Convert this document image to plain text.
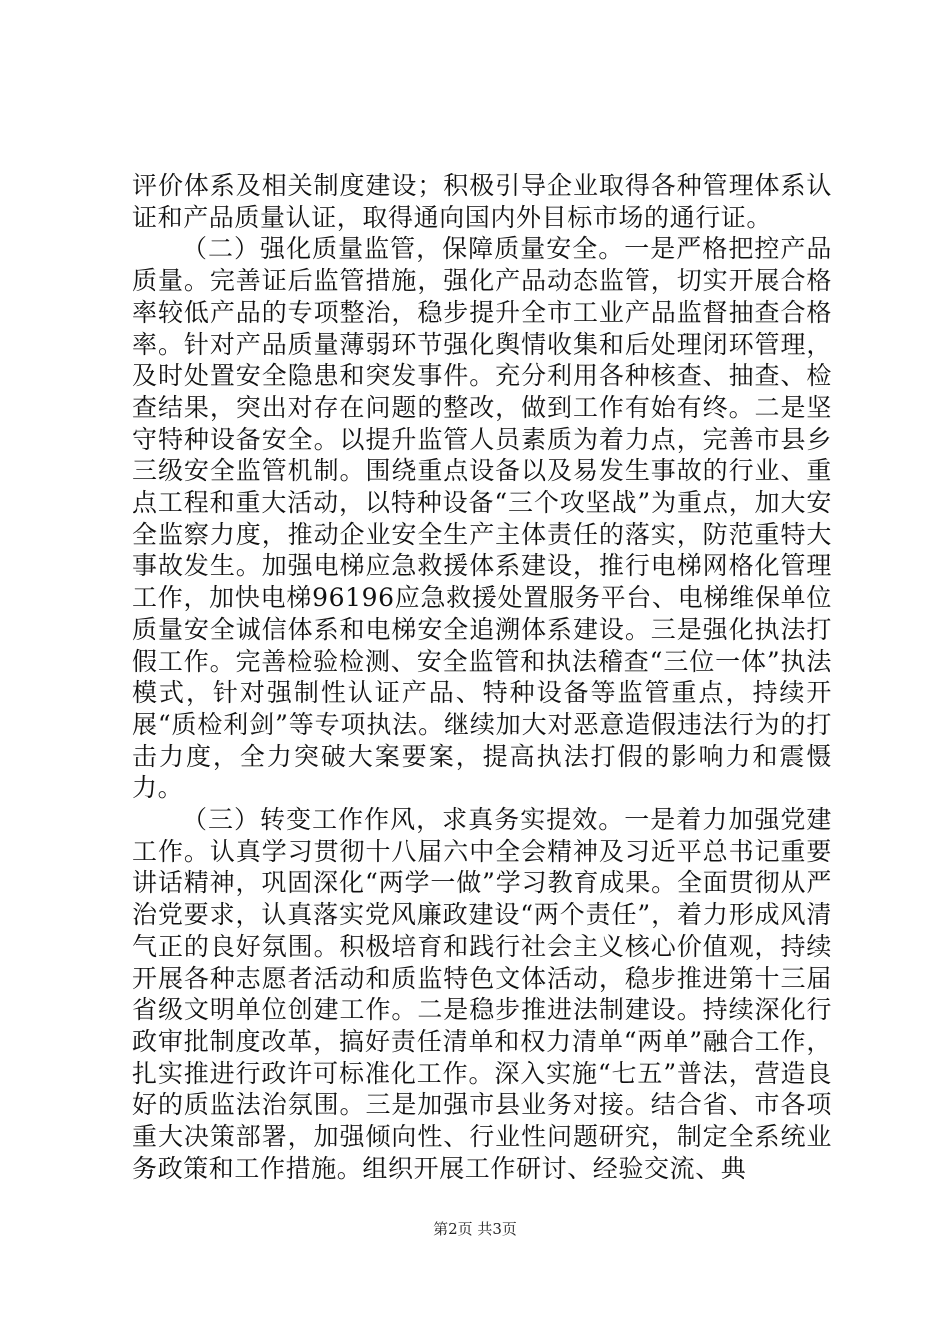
评价体系及相关制度建设；积极引导企业取得各种管理体系认证和产品质量认证，取得通向国内外目标市场的通行证。

（二）强化质量监管，保障质量安全。一是严格把控产品质量。完善证后监管措施，强化产品动态监管，切实开展合格率较低产品的专项整治，稳步提升全市工业产品监督抽查合格率。针对产品质量薄弱环节强化舆情收集和后处理闭环管理，及时处置安全隐患和突发事件。充分利用各种核查、抽查、检查结果，突出对存在问题的整改，做到工作有始有终。二是坚守特种设备安全。以提升监管人员素质为着力点，完善市县乡三级安全监管机制。围绕重点设备以及易发生事故的行业、重点工程和重大活动，以特种设备“三个攻坚战”为重点，加大安全监察力度，推动企业安全生产主体责任的落实，防范重特大事故发生。加强电梯应急救援体系建设，推行电梯网格化管理工作，加快电梯96196应急救援处置服务平台、电梯维保单位质量安全诚信体系和电梯安全追溯体系建设。三是强化执法打假工作。完善检验检测、安全监管和执法稽查“三位一体”执法模式，针对强制性认证产品、特种设备等监管重点，持续开展“质检利剑”等专项执法。继续加大对恶意造假违法行为的打击力度，全力突破大案要案，提高执法打假的影响力和震慑力。

（三）转变工作作风，求真务实提效。一是着力加强党建工作。认真学习贯彻十八届六中全会精神及习近平总书记重要讲话精神，巩固深化“两学一做”学习教育成果。全面贯彻从严治党要求，认真落实党风廉政建设“两个责任”，着力形成风清气正的良好氛围。积极培育和践行社会主义核心价值观，持续开展各种志愿者活动和质监特色文体活动，稳步推进第十三届省级文明单位创建工作。二是稳步推进法制建设。持续深化行政审批制度改革，搞好责任清单和权力清单“两单”融合工作，扎实推进行政许可标准化工作。深入实施“七五”普法，营造良好的质监法治氛围。三是加强市县业务对接。结合省、市各项重大决策部署，加强倾向性、行业性问题研究，制定全系统业务政策和工作措施。组织开展工作研讨、经验交流、典

第2页 共3页
